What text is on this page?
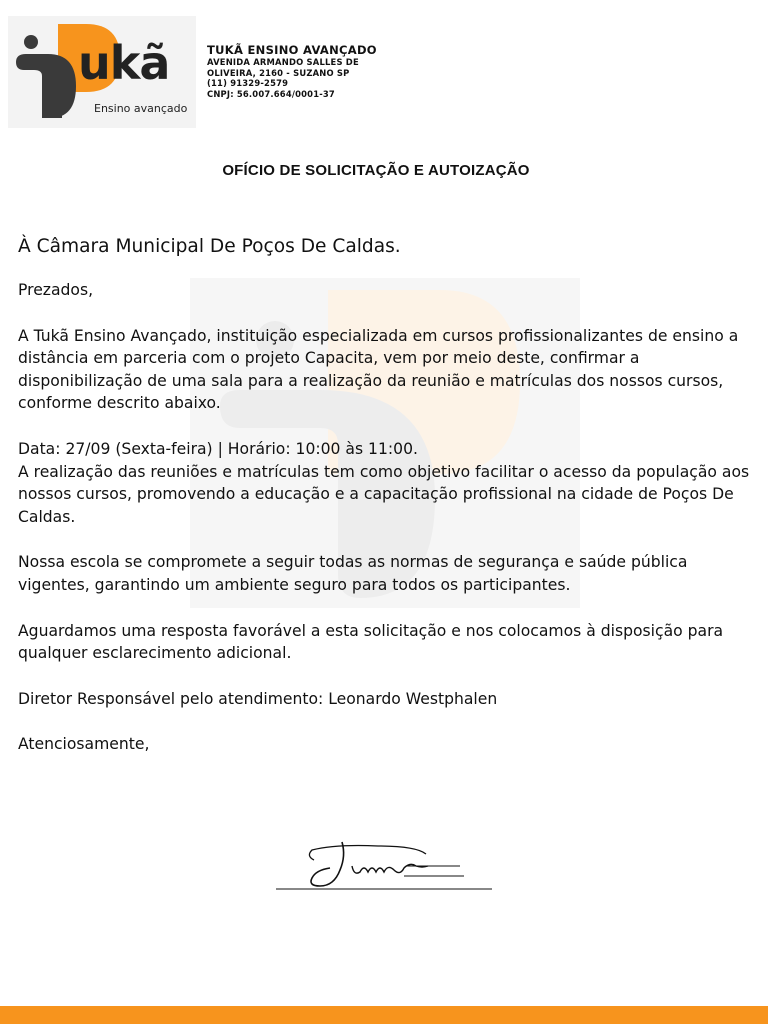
ukã
Ensino avançado
TUKÃ ENSINO AVANÇADO
AVENIDA ARMANDO SALLES DE
OLIVEIRA, 2160 - SUZANO SP
(11) 91329-2579
CNPJ: 56.007.664/0001-37
OFÍCIO DE SOLICITAÇÃO E AUTOIZAÇÃO

À Câmara Municipal De Poços De Caldas.

Prezados,

A Tukã Ensino Avançado, instituição especializada em cursos profissionalizantes de ensino a distância em parceria com o projeto Capacita, vem por meio deste, confirmar a disponibilização de uma sala para a realização da reunião e matrículas dos nossos cursos, conforme descrito abaixo.

Data: 27/09 (Sexta-feira) | Horário: 10:00 às 11:00.

A realização das reuniões e matrículas tem como objetivo facilitar o acesso da população aos nossos cursos, promovendo a educação e a capacitação profissional na cidade de Poços De Caldas.

Nossa escola se compromete a seguir todas as normas de segurança e saúde pública vigentes, garantindo um ambiente seguro para todos os participantes.

Aguardamos uma resposta favorável a esta solicitação e nos colocamos à disposição para qualquer esclarecimento adicional.

Diretor Responsável pelo atendimento: Leonardo Westphalen

Atenciosamente,
